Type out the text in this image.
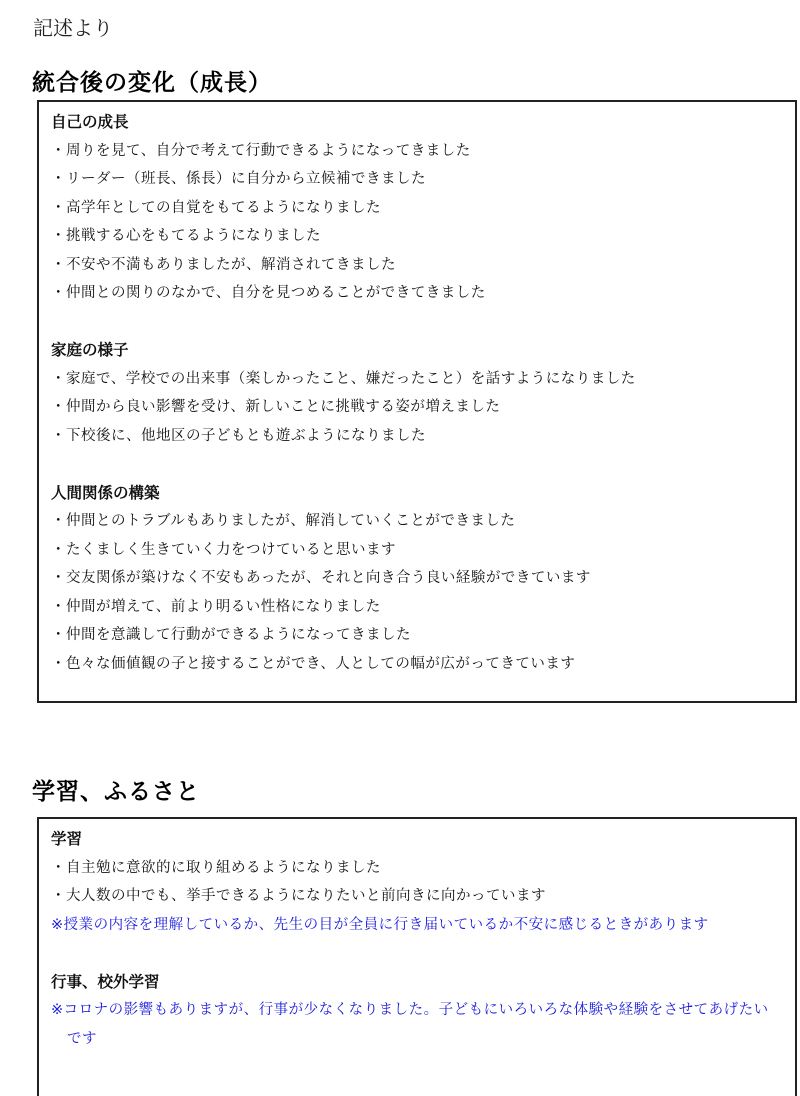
記述より
統合後の変化（成長）
自己の成長
・周りを見て、自分で考えて行動できるようになってきました
・リーダー（班長、係長）に自分から立候補できました
・高学年としての自覚をもてるようになりました
・挑戦する心をもてるようになりました
・不安や不満もありましたが、解消されてきました
・仲間との関りのなかで、自分を見つめることができてきました
家庭の様子
・家庭で、学校での出来事（楽しかったこと、嫌だったこと）を話すようになりました
・仲間から良い影響を受け、新しいことに挑戦する姿が増えました
・下校後に、他地区の子どもとも遊ぶようになりました
人間関係の構築
・仲間とのトラブルもありましたが、解消していくことができました
・たくましく生きていく力をつけていると思います
・交友関係が築けなく不安もあったが、それと向き合う良い経験ができています
・仲間が増えて、前より明るい性格になりました
・仲間を意識して行動ができるようになってきました
・色々な価値観の子と接することができ、人としての幅が広がってきています
学習、ふるさと
学習
・自主勉に意欲的に取り組めるようになりました
・大人数の中でも、挙手できるようになりたいと前向きに向かっています
※授業の内容を理解しているか、先生の目が全員に行き届いているか不安に感じるときがあります
行事、校外学習
※コロナの影響もありますが、行事が少なくなりました。子どもにいろいろな体験や経験をさせてあげたいです
